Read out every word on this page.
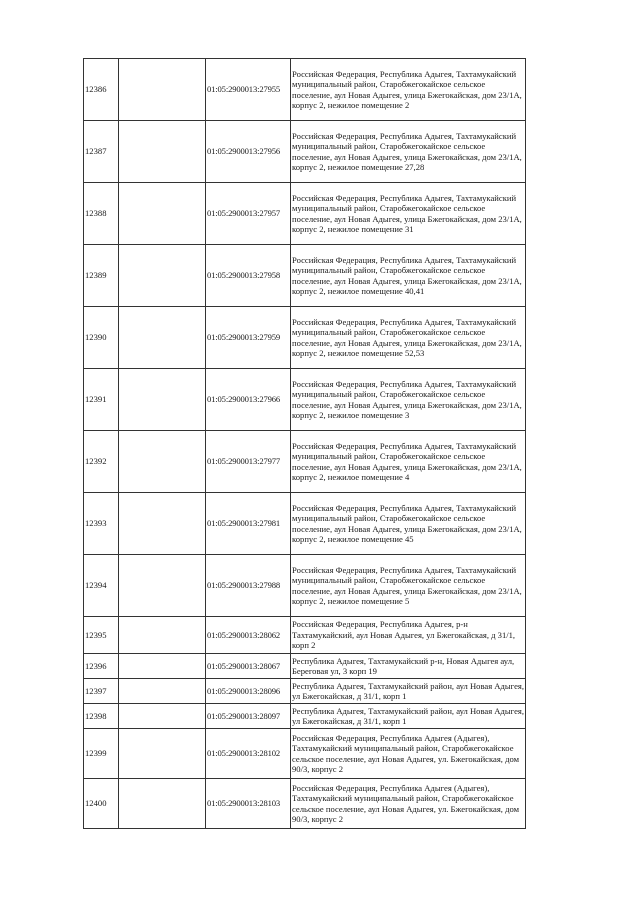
12386		01:05:2900013:27955	Российская Федерация, Республика Адыгея, Тахтамукайский муниципальный район, Старобжегокайское сельское поселение, аул Новая Адыгея, улица Бжегокайская, дом 23/1А, корпус 2, нежилое помещение 2
12387		01:05:2900013:27956	Российская Федерация, Республика Адыгея, Тахтамукайский муниципальный район, Старобжегокайское сельское поселение, аул Новая Адыгея, улица Бжегокайская, дом 23/1А, корпус 2, нежилое помещение 27,28
12388		01:05:2900013:27957	Российская Федерация, Республика Адыгея, Тахтамукайский муниципальный район, Старобжегокайское сельское поселение, аул Новая Адыгея, улица Бжегокайская, дом 23/1А, корпус 2, нежилое помещение 31
12389		01:05:2900013:27958	Российская Федерация, Республика Адыгея, Тахтамукайский муниципальный район, Старобжегокайское сельское поселение, аул Новая Адыгея, улица Бжегокайская, дом 23/1А, корпус 2, нежилое помещение 40,41
12390		01:05:2900013:27959	Российская Федерация, Республика Адыгея, Тахтамукайский муниципальный район, Старобжегокайское сельское поселение, аул Новая Адыгея, улица Бжегокайская, дом 23/1А, корпус 2, нежилое помещение 52,53
12391		01:05:2900013:27966	Российская Федерация, Республика Адыгея, Тахтамукайский муниципальный район, Старобжегокайское сельское поселение, аул Новая Адыгея, улица Бжегокайская, дом 23/1А, корпус 2, нежилое помещение 3
12392		01:05:2900013:27977	Российская Федерация, Республика Адыгея, Тахтамукайский муниципальный район, Старобжегокайское сельское поселение, аул Новая Адыгея, улица Бжегокайская, дом 23/1А, корпус 2, нежилое помещение 4
12393		01:05:2900013:27981	Российская Федерация, Республика Адыгея, Тахтамукайский муниципальный район, Старобжегокайское сельское поселение, аул Новая Адыгея, улица Бжегокайская, дом 23/1А, корпус 2, нежилое помещение 45
12394		01:05:2900013:27988	Российская Федерация, Республика Адыгея, Тахтамукайский муниципальный район, Старобжегокайское сельское поселение, аул Новая Адыгея, улица Бжегокайская, дом 23/1А, корпус 2, нежилое помещение 5
12395		01:05:2900013:28062	Российская Федерация, Республика Адыгея, р-н Тахтамукайский, аул Новая Адыгея, ул Бжегокайская, д 31/1, корп 2
12396		01:05:2900013:28067	Республика Адыгея, Тахтамукайский р-н, Новая Адыгея аул, Береговая ул, 3 корп 19
12397		01:05:2900013:28096	Республика Адыгея, Тахтамукайский район, аул Новая Адыгея, ул Бжегокайская, д 31/1, корп 1
12398		01:05:2900013:28097	Республика Адыгея, Тахтамукайский район, аул Новая Адыгея, ул Бжегокайская, д 31/1, корп 1
12399		01:05:2900013:28102	Российская Федерация, Республика Адыгея (Адыгея), Тахтамукайский муниципальный район, Старобжегокайское сельское поселение, аул Новая Адыгея, ул. Бжегокайская, дом 90/3, корпус 2
12400		01:05:2900013:28103	Российская Федерация, Республика Адыгея (Адыгея), Тахтамукайский муниципальный район, Старобжегокайское сельское поселение, аул Новая Адыгея, ул. Бжегокайская, дом 90/3, корпус 2
